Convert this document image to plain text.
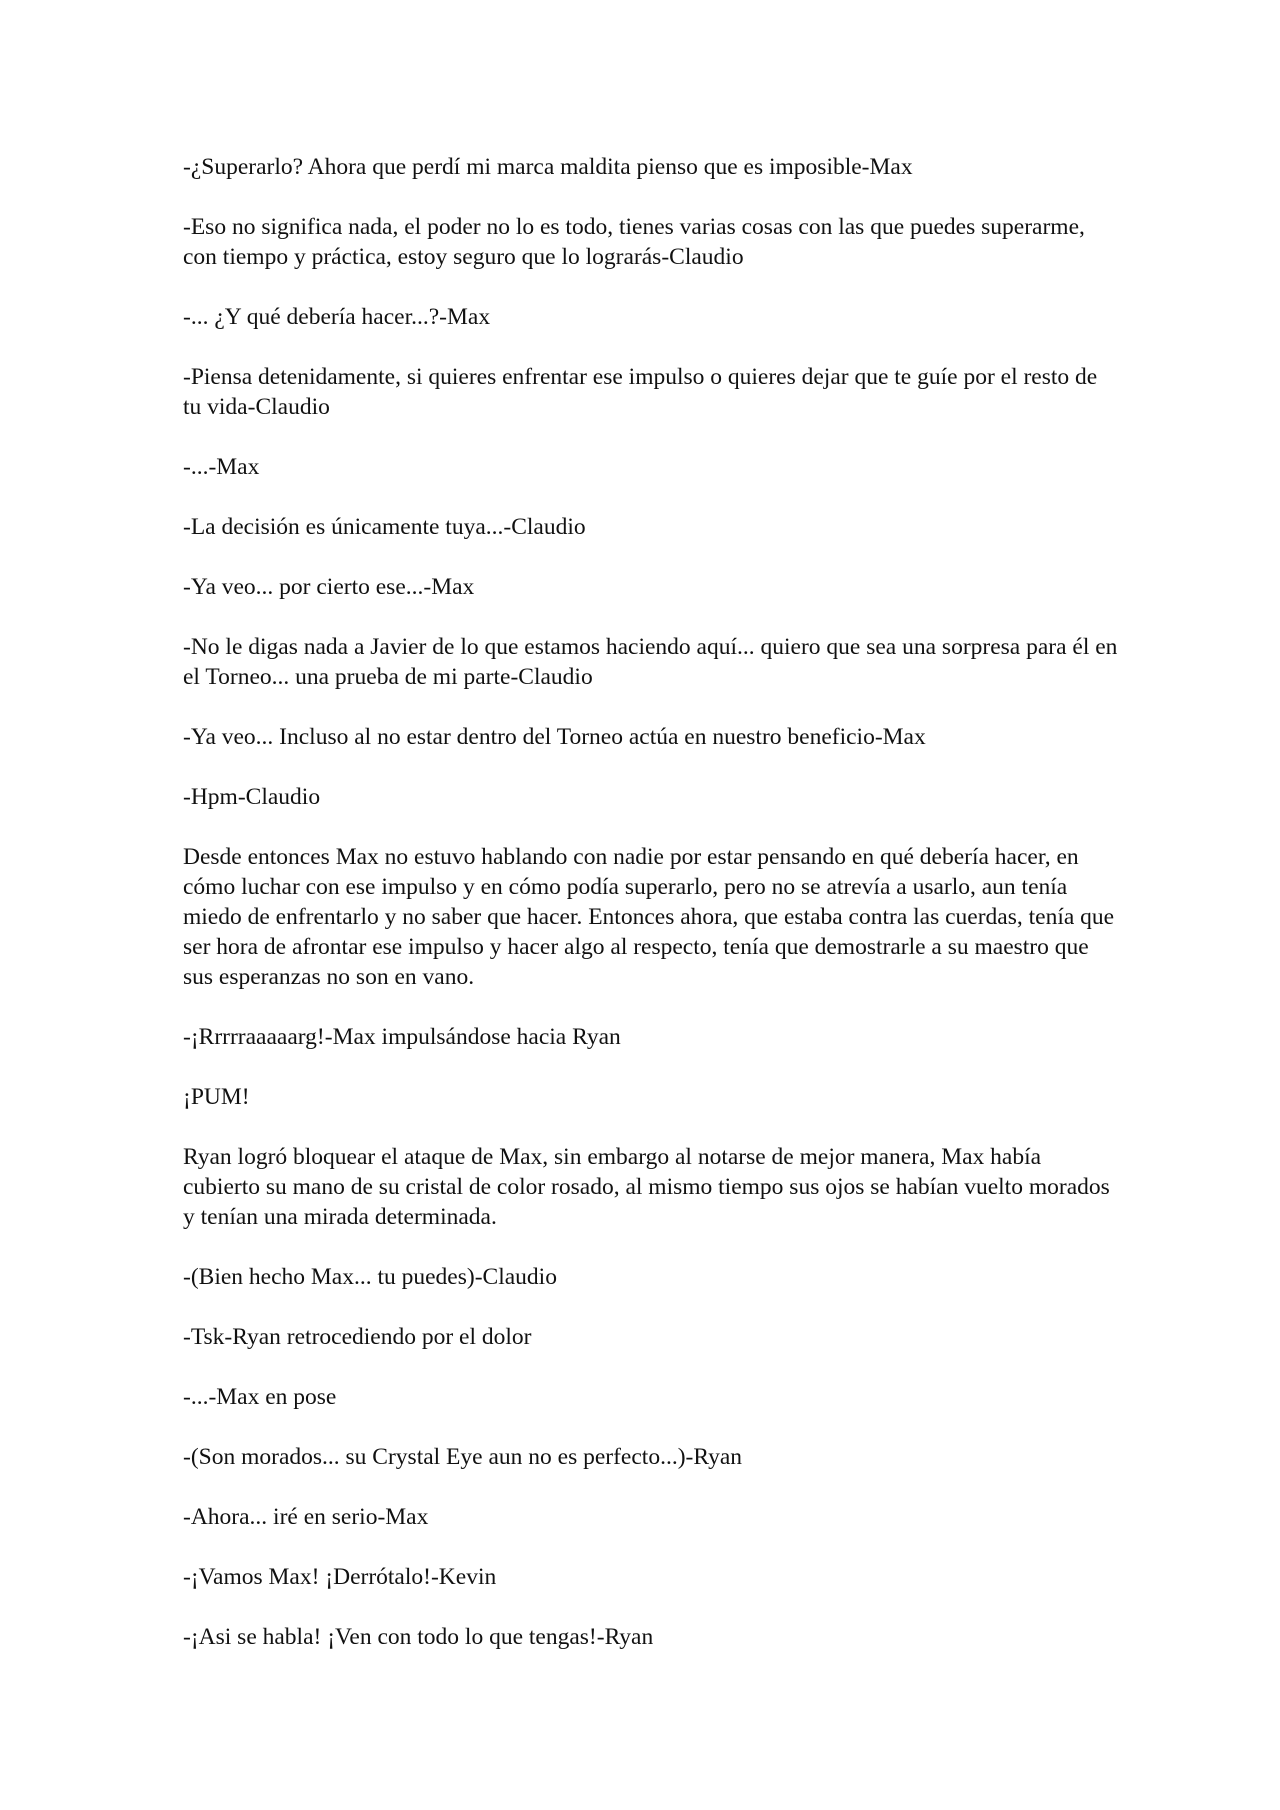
-¿Superarlo? Ahora que perdí mi marca maldita pienso que es imposible-Max

-Eso no significa nada, el poder no lo es todo, tienes varias cosas con las que puedes superarme, con tiempo y práctica, estoy seguro que lo lograrás-Claudio

-... ¿Y qué debería hacer...?-Max

-Piensa detenidamente, si quieres enfrentar ese impulso o quieres dejar que te guíe por el resto de tu vida-Claudio

-...-Max

-La decisión es únicamente tuya...-Claudio

-Ya veo... por cierto ese...-Max

-No le digas nada a Javier de lo que estamos haciendo aquí... quiero que sea una sorpresa para él en el Torneo... una prueba de mi parte-Claudio

-Ya veo... Incluso al no estar dentro del Torneo actúa en nuestro beneficio-Max

-Hpm-Claudio

Desde entonces Max no estuvo hablando con nadie por estar pensando en qué debería hacer, en cómo luchar con ese impulso y en cómo podía superarlo, pero no se atrevía a usarlo, aun tenía miedo de enfrentarlo y no saber que hacer. Entonces ahora, que estaba contra las cuerdas, tenía que ser hora de afrontar ese impulso y hacer algo al respecto, tenía que demostrarle a su maestro que sus esperanzas no son en vano.

-¡Rrrrraaaaarg!-Max impulsándose hacia Ryan

¡PUM!

Ryan logró bloquear el ataque de Max, sin embargo al notarse de mejor manera, Max había cubierto su mano de su cristal de color rosado, al mismo tiempo sus ojos se habían vuelto morados y tenían una mirada determinada.

-(Bien hecho Max... tu puedes)-Claudio

-Tsk-Ryan retrocediendo por el dolor

-...-Max en pose

-(Son morados... su Crystal Eye aun no es perfecto...)-Ryan

-Ahora... iré en serio-Max

-¡Vamos Max! ¡Derrótalo!-Kevin

-¡Asi se habla! ¡Ven con todo lo que tengas!-Ryan
